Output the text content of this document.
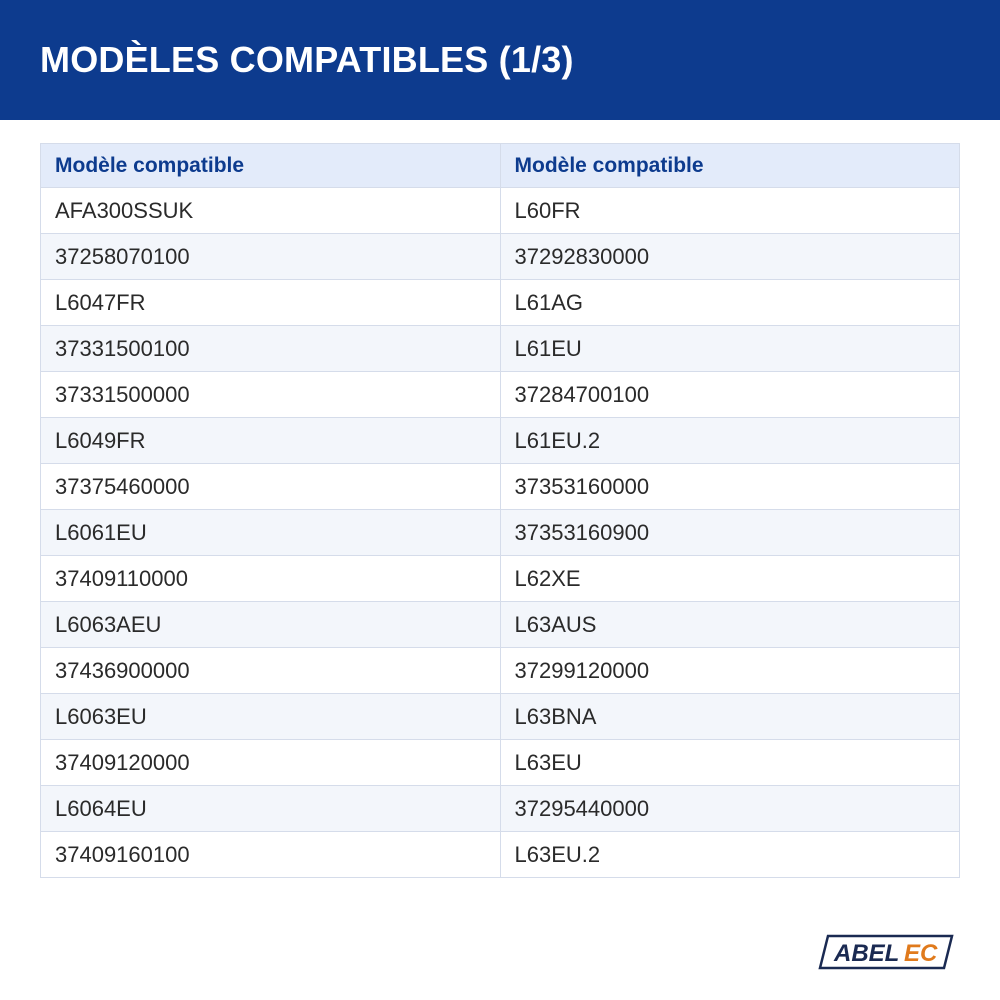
MODÈLES COMPATIBLES (1/3)
Modèle compatible	Modèle compatible
AFA300SSUK	L60FR
37258070100	37292830000
L6047FR	L61AG
37331500100	L61EU
37331500000	37284700100
L6049FR	L61EU.2
37375460000	37353160000
L6061EU	37353160900
37409110000	L62XE
L6063AEU	L63AUS
37436900000	37299120000
L6063EU	L63BNA
37409120000	L63EU
L6064EU	37295440000
37409160100	L63EU.2
ABEL EC
